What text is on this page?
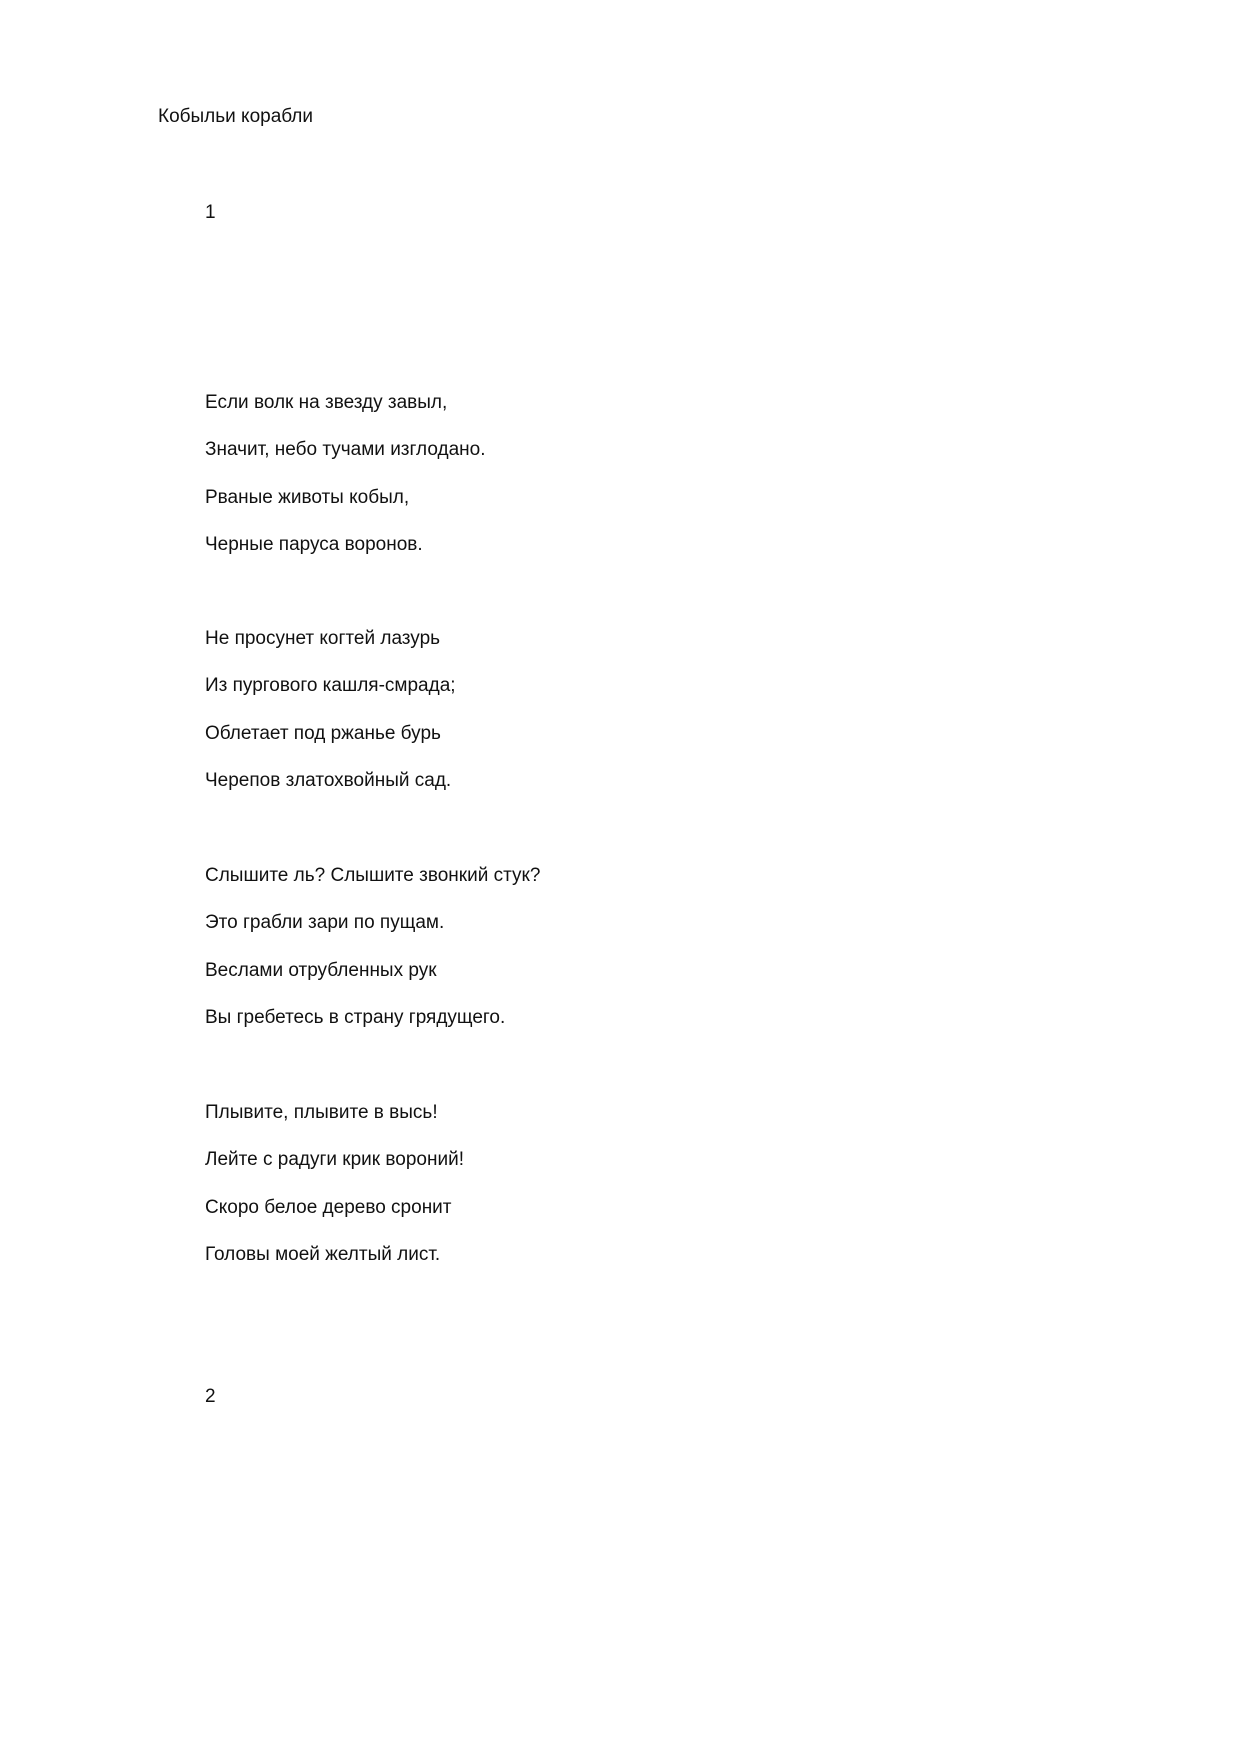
Кобыльи корабли
1
Если волк на звезду завыл,
Значит, небо тучами изглодано.
Рваные животы кобыл,
Черные паруса воронов.
Не просунет когтей лазурь
Из пургового кашля-смрада;
Облетает под ржанье бурь
Черепов златохвойный сад.
Слышите ль? Слышите звонкий стук?
Это грабли зари по пущам.
Веслами отрубленных рук
Вы гребетесь в страну грядущего.
Плывите, плывите в высь!
Лейте с радуги крик вороний!
Скоро белое дерево сронит
Головы моей желтый лист.
2
